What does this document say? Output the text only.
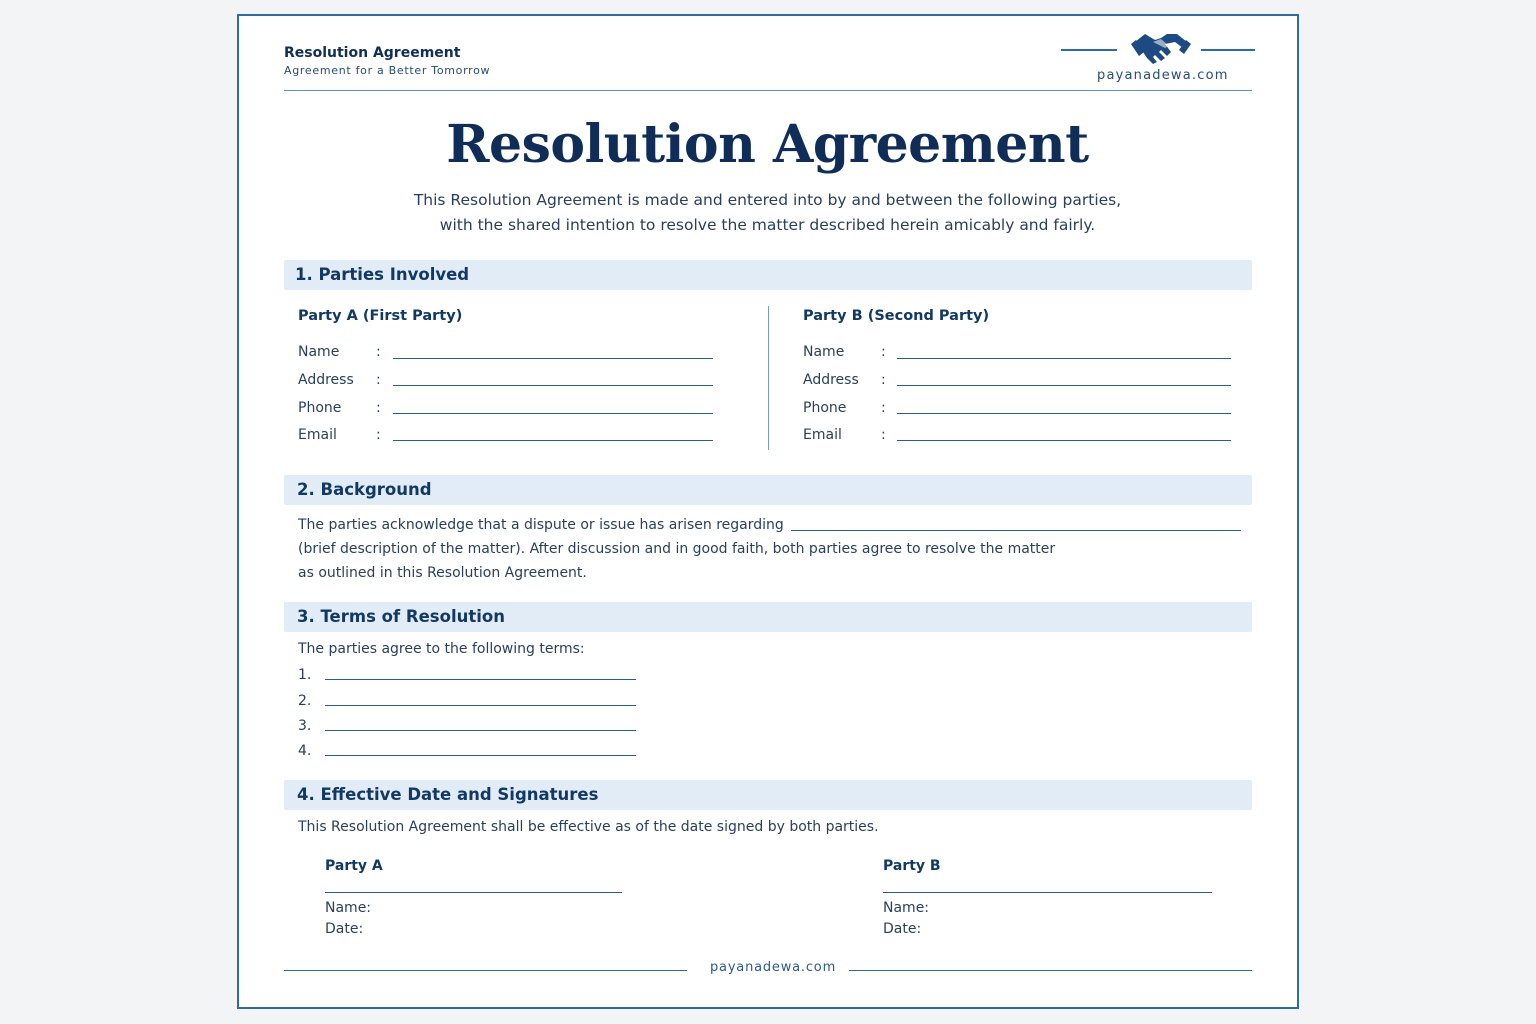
Resolution Agreement
Agreement for a Better Tomorrow	payanadewa.com
Resolution Agreement
This Resolution Agreement is made and entered into by and between the following parties,
with the shared intention to resolve the matter described herein amicably and fairly.
1. Parties Involved
Party A (First Party)	Party B (Second Party)
Name	:
Address :
Phone :
Email	:
Name	:
Address :
Phone :
Email	:
2. Background
The parties acknowledge that a dispute or issue has arisen regarding
(brief description of the matter). After discussion and in good faith, both parties agree to resolve the matter
as outlined in this Resolution Agreement.
3. Terms of Resolution
The parties agree to the following terms:
1.
2.
3.
4.
4. Effective Date and Signatures
This Resolution Agreement shall be effective as of the date signed by both parties.
Party A
Name:
Date:
Party B
Name:
Date:
payanadewa.com
